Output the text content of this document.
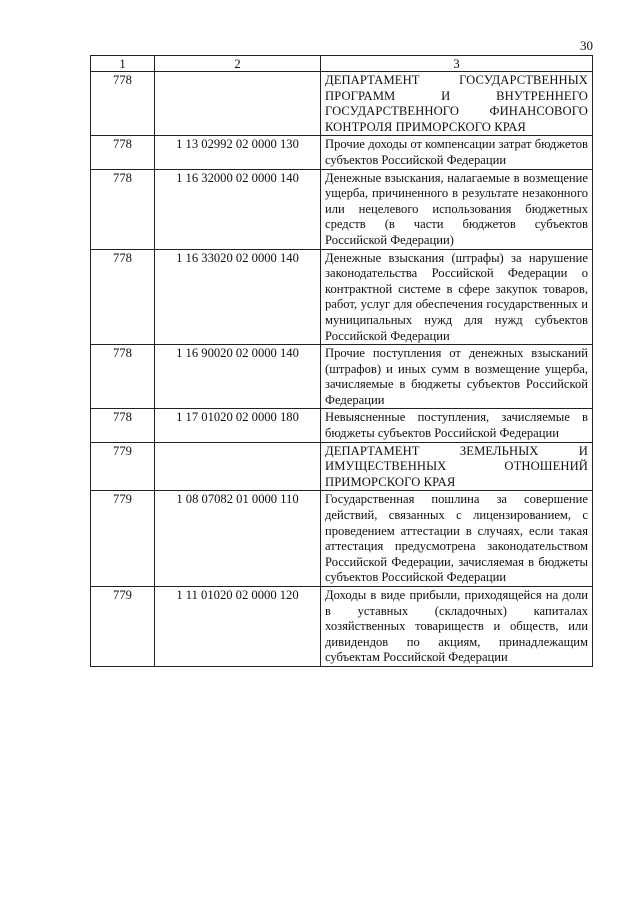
30
1	2	3
778		ДЕПАРТАМЕНТ ГОСУДАРСТВЕННЫХ ПРОГРАММ И ВНУТРЕННЕГО ГОСУДАРСТВЕННОГО ФИНАНСОВОГО КОНТРОЛЯ ПРИМОРСКОГО КРАЯ
778	1 13 02992 02 0000 130	Прочие доходы от компенсации затрат бюджетов субъектов Российской Федерации
778	1 16 32000 02 0000 140	Денежные взыскания, налагаемые в возмещение ущерба, причиненного в результате незаконного или нецелевого использования бюджетных средств (в части бюджетов субъектов Российской Федерации)
778	1 16 33020 02 0000 140	Денежные взыскания (штрафы) за нарушение законодательства Российской Федерации о контрактной системе в сфере закупок товаров, работ, услуг для обеспечения государственных и муниципальных нужд для нужд субъектов Российской Федерации
778	1 16 90020 02 0000 140	Прочие поступления от денежных взысканий (штрафов) и иных сумм в возмещение ущерба, зачисляемые в бюджеты субъектов Российской Федерации
778	1 17 01020 02 0000 180	Невыясненные поступления, зачисляемые в бюджеты субъектов Российской Федерации
779		ДЕПАРТАМЕНТ ЗЕМЕЛЬНЫХ И ИМУЩЕСТВЕННЫХ ОТНОШЕНИЙ ПРИМОРСКОГО КРАЯ
779	1 08 07082 01 0000 110	Государственная пошлина за совершение действий, связанных с лицензированием, с проведением аттестации в случаях, если такая аттестация предусмотрена законодательством Российской Федерации, зачисляемая в бюджеты субъектов Российской Федерации
779	1 11 01020 02 0000 120	Доходы в виде прибыли, приходящейся на доли в уставных (складочных) капиталах хозяйственных товариществ и обществ, или дивидендов по акциям, принадлежащим субъектам Российской Федерации
